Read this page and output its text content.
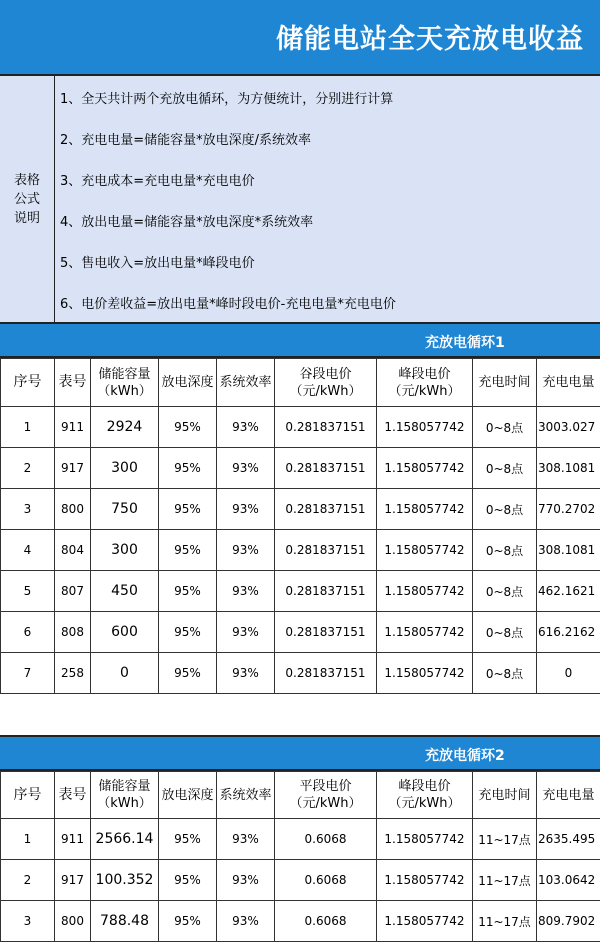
储能电站全天充放电收益
表格公式说明
1、全天共计两个充放电循环，为方便统计，分别进行计算
2、充电电量=储能容量*放电深度/系统效率
3、充电成本=充电电量*充电电价
4、放出电量=储能容量*放电深度*系统效率
5、售电收入=放出电量*峰段电价
6、电价差收益=放出电量*峰时段电价-充电电量*充电电价
充放电循环1
序号	表号	储能容量（kWh）	放电深度	系统效率	谷段电价（元/kWh）	峰段电价（元/kWh）	充电时间	充电电量
1	911	2924	95%	93%	0.281837151	1.158057742	0~8点	3003.027
2	917	300	95%	93%	0.281837151	1.158057742	0~8点	308.1081
3	800	750	95%	93%	0.281837151	1.158057742	0~8点	770.2702
4	804	300	95%	93%	0.281837151	1.158057742	0~8点	308.1081
5	807	450	95%	93%	0.281837151	1.158057742	0~8点	462.1621
6	808	600	95%	93%	0.281837151	1.158057742	0~8点	616.2162
7	258	0	95%	93%	0.281837151	1.158057742	0~8点	0
充放电循环2
序号	表号	储能容量（kWh）	放电深度	系统效率	平段电价（元/kWh）	峰段电价（元/kWh）	充电时间	充电电量
1	911	2566.14	95%	93%	0.6068	1.158057742	11~17点	2635.495
2	917	100.352	95%	93%	0.6068	1.158057742	11~17点	103.0642
3	800	788.48	95%	93%	0.6068	1.158057742	11~17点	809.7902
